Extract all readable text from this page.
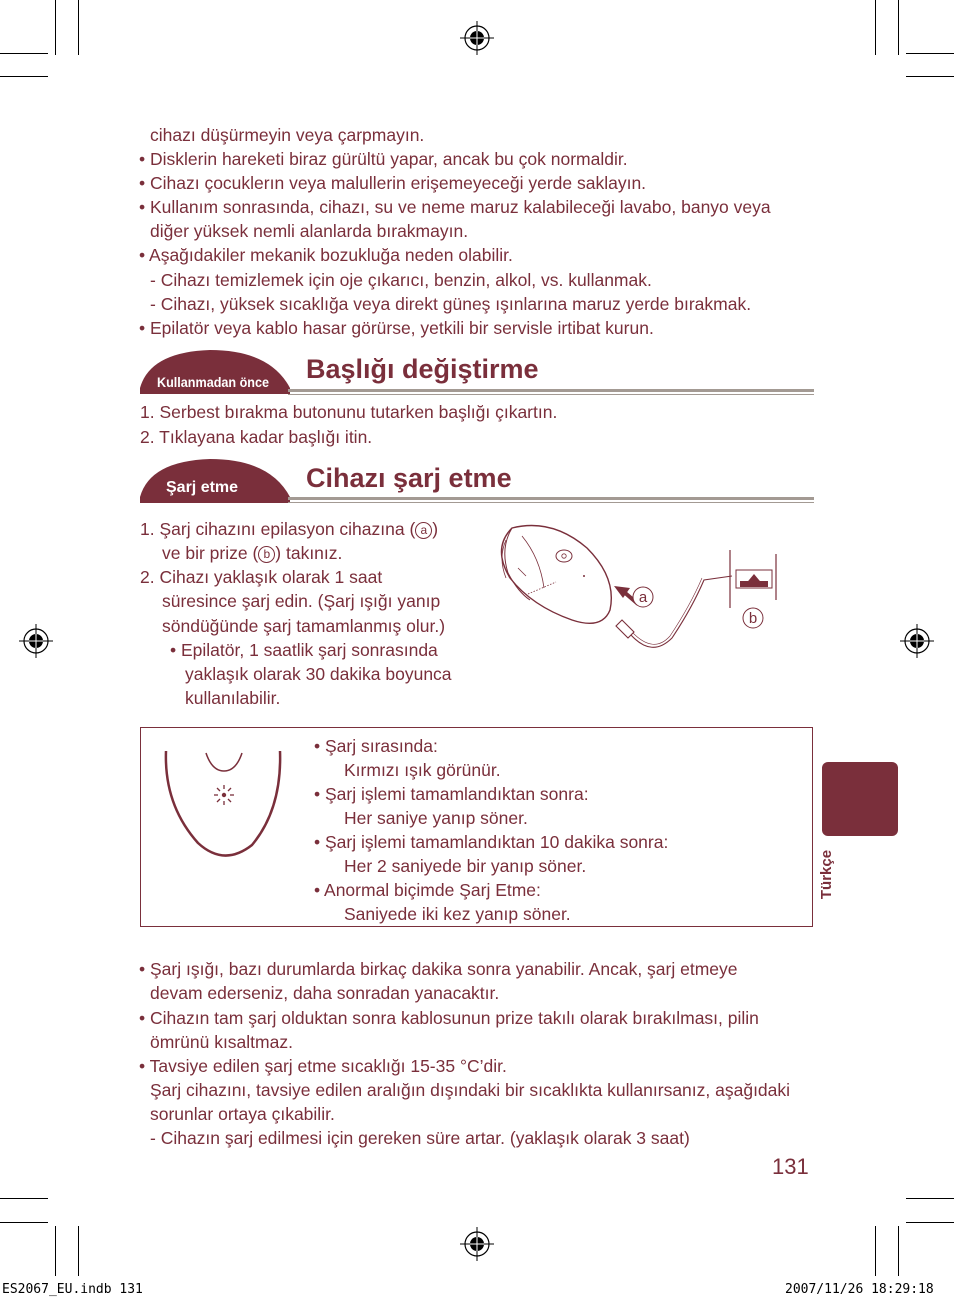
cihazı düşürmeyin veya çarpmayın.
• Disklerin hareketi biraz gürültü yapar, ancak bu çok normaldir.
• Cihazı çocuklerın veya malullerin erişemeyeceği yerde saklayın.
• Kullanım sonrasında, cihazı, su ve neme maruz kalabileceği lavabo, banyo veya
diğer yüksek nemli alanlarda bırakmayın.
• Aşağıdakiler mekanik bozukluğa neden olabilir.
- Cihazı temizlemek için oje çıkarıcı, benzin, alkol, vs. kullanmak.
- Cihazı, yüksek sıcaklığa veya direkt güneş ışınlarına maruz yerde bırakmak.
• Epilatör veya kablo hasar görürse, yetkili bir servisle irtibat kurun.
Kullanmadan önce Başlığı değiştirme
1. Serbest bırakma butonunu tutarken başlığı çıkartın.
2. Tıklayana kadar başlığı itin.
Şarj etme	Cihazı şarj etme
1. Şarj cihazını epilasyon cihazına ( a )
ve bir prize ( b ) takınız.
2. Cihazı yaklaşık olarak 1 saat
süresince şarj edin. (Şarj ışığı yanıp
söndüğünde şarj tamamlanmış olur.)
• Epilatör, 1 saatlik şarj sonrasında
yaklaşık olarak 30 dakika boyunca
kullanılabilir.
a
b
• Şarj sırasında:
Kırmızı ışık görünür.
• Şarj işlemi tamamlandıktan sonra:
Her saniye yanıp söner.
• Şarj işlemi tamamlandıktan 10 dakika sonra:
Her 2 saniyede bir yanıp söner.
• Anormal biçimde Şarj Etme:
Saniyede iki kez yanıp söner.
Türkçe
• Şarj ışığı, bazı durumlarda birkaç dakika sonra yanabilir. Ancak, şarj etmeye
devam ederseniz, daha sonradan yanacaktır.
• Cihazın tam şarj olduktan sonra kablosunun prize takılı olarak bırakılması, pilin
ömrünü kısaltmaz.
• Tavsiye edilen şarj etme sıcaklığı 15-35 °C’dir.
Şarj cihazını, tavsiye edilen aralığın dışındaki bir sıcaklıkta kullanırsanız, aşağıdaki
sorunlar ortaya çıkabilir.
- Cihazın şarj edilmesi için gereken süre artar. (yaklaşık olarak 3 saat)
131
ES2067_EU.indb 131	2007/11/26 18:29:18
